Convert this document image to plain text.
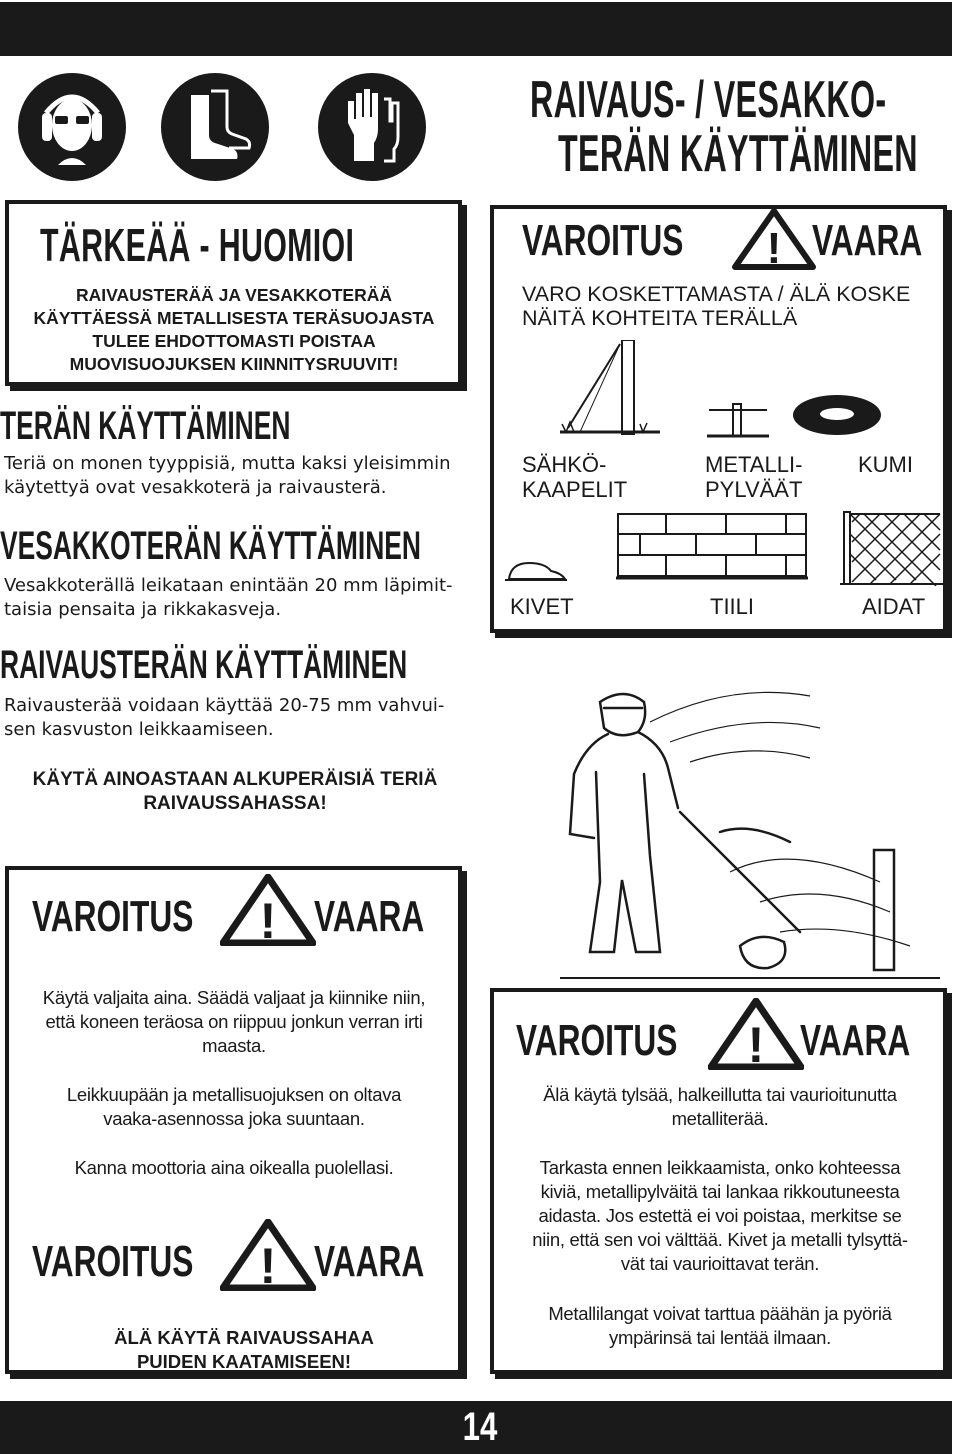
14
RAIVAUS- / VESAKKO-
TERÄN KÄYTTÄMINEN
TÄRKEÄÄ - HUOMIOI
RAIVAUSTERÄÄ JA VESAKKOTERÄÄ
KÄYTTÄESSÄ METALLISESTA TERÄSUOJASTA
TULEE EHDOTTOMASTI POISTAA
MUOVISUOJUKSEN KIINNITYSRUUVIT!
TERÄN KÄYTTÄMINEN
Teriä on monen tyyppisiä, mutta kaksi yleisimmin
käytettyä ovat vesakkoterä ja raivausterä.
VESAKKOTERÄN KÄYTTÄMINEN
Vesakkoterällä leikataan enintään 20 mm läpimit-
taisia pensaita ja rikkakasveja.
RAIVAUSTERÄN KÄYTTÄMINEN
Raivausterää voidaan käyttää 20-75 mm vahvui-
sen kasvuston leikkaamiseen.
KÄYTÄ AINOASTAAN ALKUPERÄISIÄ TERIÄ
RAIVAUSSAHASSA!
VAROITUS ! VAARA
VARO KOSKETTAMASTA / ÄLÄ KOSKE
NÄITÄ KOHTEITA TERÄLLÄ
SÄHKÖ-
KAAPELIT
METALLI-
PYLVÄÄT
KUMI
KIVET	TIILI	AIDAT
VAROITUS ! VAARA
Käytä valjaita aina. Säädä valjaat ja kiinnike niin,
että koneen teräosa on riippuu jonkun verran irti
maasta.
Leikkuupään ja metallisuojuksen on oltava
vaaka-asennossa joka suuntaan.
Kanna moottoria aina oikealla puolellasi.
VAROITUS ! VAARA
ÄLÄ KÄYTÄ RAIVAUSSAHAA
PUIDEN KAATAMISEEN!
VAROITUS ! VAARA
Älä käytä tylsää, halkeillutta tai vaurioitunutta
metalliterää.
Tarkasta ennen leikkaamista, onko kohteessa
kiviä, metallipylväitä tai lankaa rikkoutuneesta
aidasta. Jos estettä ei voi poistaa, merkitse se
niin, että sen voi välttää. Kivet ja metalli tylsyttä-
vät tai vaurioittavat terän.
Metallilangat voivat tarttua päähän ja pyöriä
ympärinsä tai lentää ilmaan.
